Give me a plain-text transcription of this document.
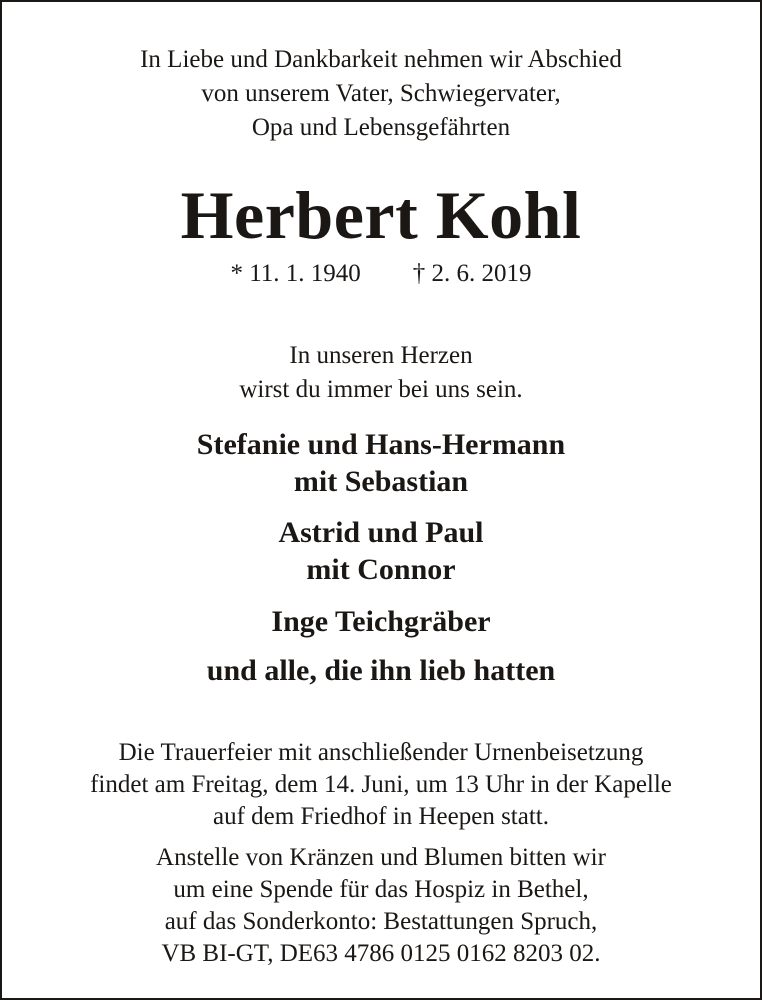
In Liebe und Dankbarkeit nehmen wir Abschied
von unserem Vater, Schwiegervater,
Opa und Lebensgefährten
Herbert Kohl
* 11. 1. 1940 † 2. 6. 2019
In unseren Herzen
wirst du immer bei uns sein.
Stefanie und Hans-Hermann
mit Sebastian
Astrid und Paul
mit Connor
Inge Teichgräber
und alle, die ihn lieb hatten
Die Trauerfeier mit anschließender Urnenbeisetzung
findet am Freitag, dem 14. Juni, um 13 Uhr in der Kapelle
auf dem Friedhof in Heepen statt.
Anstelle von Kränzen und Blumen bitten wir
um eine Spende für das Hospiz in Bethel,
auf das Sonderkonto: Bestattungen Spruch,
VB BI-GT, DE63 4786 0125 0162 8203 02.
